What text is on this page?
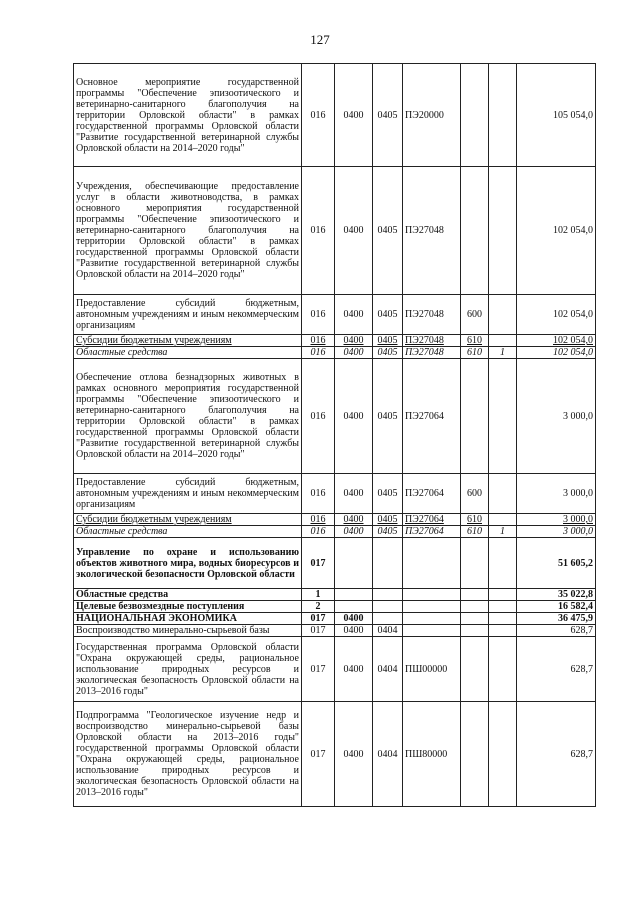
127
Основное мероприятие государственной программы "Обеспечение эпизоотического и ветеринарно-санитарного благополучия на территории Орловской области" в рамках государственной программы Орловской области "Развитие государственной ветеринарной службы Орловской области на 2014–2020 годы"	016	0400	0405	ПЭ20000			105 054,0
Учреждения, обеспечивающие предоставление услуг в области животноводства, в рамках основного мероприятия государственной программы "Обеспечение эпизоотического и ветеринарно-санитарного благополучия на территории Орловской области" в рамках государственной программы Орловской области "Развитие государственной ветеринарной службы Орловской области на 2014–2020 годы"	016	0400	0405	ПЭ27048			102 054,0
Предоставление субсидий бюджетным, автономным учреждениям и иным некоммерческим организациям	016	0400	0405	ПЭ27048	600		102 054,0
Субсидии бюджетным учреждениям	016	0400	0405	ПЭ27048	610		102 054,0
Областные средства	016	0400	0405	ПЭ27048	610	1	102 054,0
Обеспечение отлова безнадзорных животных в рамках основного мероприятия государственной программы "Обеспечение эпизоотического и ветеринарно-санитарного благополучия на территории Орловской области" в рамках государственной программы Орловской области "Развитие государственной ветеринарной службы Орловской области на 2014–2020 годы"	016	0400	0405	ПЭ27064			3 000,0
Предоставление субсидий бюджетным, автономным учреждениям и иным некоммерческим организациям	016	0400	0405	ПЭ27064	600		3 000,0
Субсидии бюджетным учреждениям	016	0400	0405	ПЭ27064	610		3 000,0
Областные средства	016	0400	0405	ПЭ27064	610	1	3 000,0
Управление по охране и использованию объектов животного мира, водных биоресурсов и экологической безопасности Орловской области	017						51 605,2
Областные средства	1						35 022,8
Целевые безвозмездные поступления	2						16 582,4
НАЦИОНАЛЬНАЯ ЭКОНОМИКА	017	0400					36 475,9
Воспроизводство минерально-сырьевой базы	017	0400	0404				628,7
Государственная программа Орловской области "Охрана окружающей среды, рациональное использование природных ресурсов и экологическая безопасность Орловской области на 2013–2016 годы"	017	0400	0404	ПШ00000			628,7
Подпрограмма "Геологическое изучение недр и воспроизводство минерально-сырьевой базы Орловской области на 2013–2016 годы" государственной программы Орловской области "Охрана окружающей среды, рациональное использование природных ресурсов и экологическая безопасность Орловской области на 2013–2016 годы"	017	0400	0404	ПШ80000			628,7
